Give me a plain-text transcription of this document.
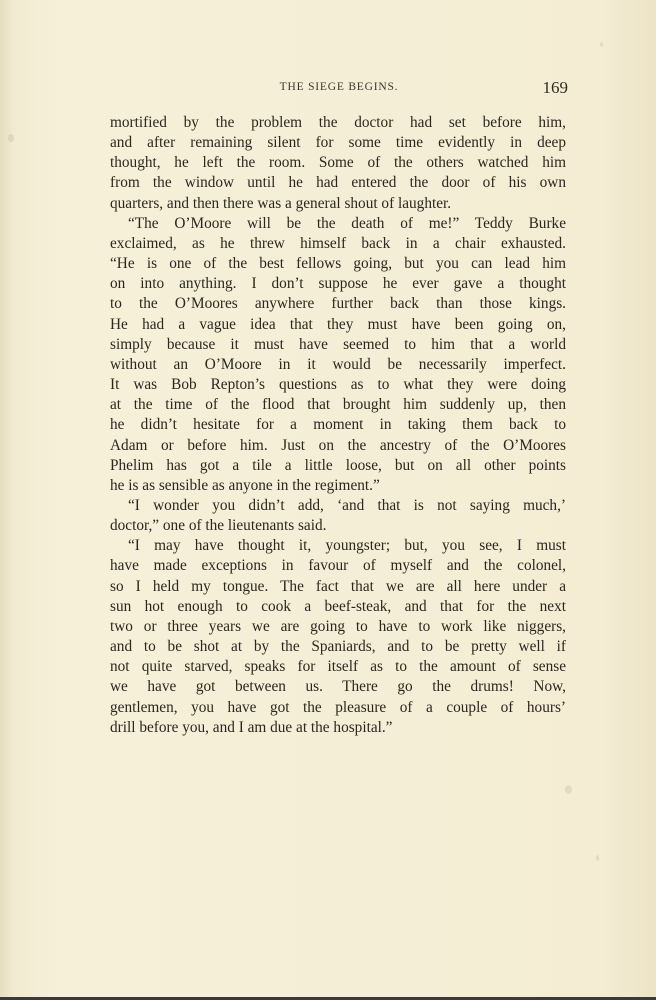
THE SIEGE BEGINS.	169
mortified by the problem the doctor had set before him,
and after remaining silent for some time evidently in deep
thought, he left the room. Some of the others watched him
from the window until he had entered the door of his own
quarters, and then there was a general shout of laughter.
“The O’Moore will be the death of me!” Teddy Burke
exclaimed, as he threw himself back in a chair exhausted.
“He is one of the best fellows going, but you can lead him
on into anything. I don’t suppose he ever gave a thought
to the O’Moores anywhere further back than those kings.
He had a vague idea that they must have been going on,
simply because it must have seemed to him that a world
without an O’Moore in it would be necessarily imperfect.
It was Bob Repton’s questions as to what they were doing
at the time of the flood that brought him suddenly up, then
he didn’t hesitate for a moment in taking them back to
Adam or before him. Just on the ancestry of the O’Moores
Phelim has got a tile a little loose, but on all other points
he is as sensible as anyone in the regiment.”
“I wonder you didn’t add, ‘and that is not saying much,’
doctor,” one of the lieutenants said.
“I may have thought it, youngster; but, you see, I must
have made exceptions in favour of myself and the colonel,
so I held my tongue. The fact that we are all here under a
sun hot enough to cook a beef-steak, and that for the next
two or three years we are going to have to work like niggers,
and to be shot at by the Spaniards, and to be pretty well if
not quite starved, speaks for itself as to the amount of sense
we have got between us. There go the drums! Now,
gentlemen, you have got the pleasure of a couple of hours’
drill before you, and I am due at the hospital.”
